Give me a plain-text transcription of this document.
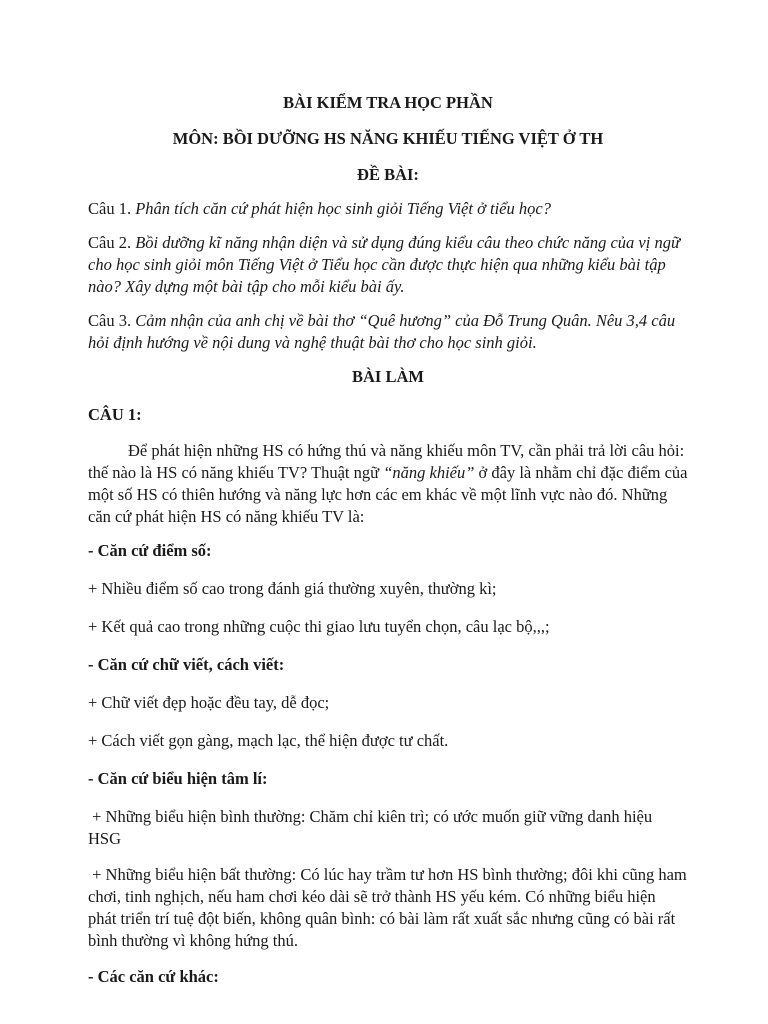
BÀI KIỂM TRA HỌC PHẦN

MÔN: BỒI DƯỠNG HS NĂNG KHIẾU TIẾNG VIỆT Ở TH

ĐỀ BÀI:

Câu 1. Phân tích căn cứ phát hiện học sinh giỏi Tiếng Việt ở tiểu học?

Câu 2. Bồi dưỡng kĩ năng nhận diện và sử dụng đúng kiểu câu theo chức năng của vị ngữ cho học sinh giỏi môn Tiếng Việt ở Tiểu học cần được thực hiện qua những kiểu bài tập nào? Xây dựng một bài tập cho mỗi kiểu bài ấy.

Câu 3. Cảm nhận của anh chị về bài thơ “Quê hương” của Đỗ Trung Quân. Nêu 3,4 câu hỏi định hướng về nội dung và nghệ thuật bài thơ cho học sinh giỏi.

BÀI LÀM

CÂU 1:

Để phát hiện những HS có hứng thú và năng khiếu môn TV, cần phải trả lời câu hỏi: thế nào là HS có năng khiếu TV? Thuật ngữ “năng khiếu” ở đây là nhằm chỉ đặc điểm của một số HS có thiên hướng và năng lực hơn các em khác về một lĩnh vực nào đó. Những căn cứ phát hiện HS có năng khiếu TV là:

- Căn cứ điểm số:

+ Nhiều điểm số cao trong đánh giá thường xuyên, thường kì;

+ Kết quả cao trong những cuộc thi giao lưu tuyển chọn, câu lạc bộ,,,;

- Căn cứ chữ viết, cách viết:

+ Chữ viết đẹp hoặc đều tay, dễ đọc;

+ Cách viết gọn gàng, mạch lạc, thể hiện được tư chất.

- Căn cứ biểu hiện tâm lí:

+ Những biểu hiện bình thường: Chăm chỉ kiên trì; có ước muốn giữ vững danh hiệu HSG

+ Những biểu hiện bất thường: Có lúc hay trầm tư hơn HS bình thường; đôi khi cũng ham chơi, tinh nghịch, nếu ham chơi kéo dài sẽ trở thành HS yếu kém. Có những biểu hiện phát triển trí tuệ đột biến, không quân bình: có bài làm rất xuất sắc nhưng cũng có bài rất bình thường vì không hứng thú.

- Các căn cứ khác:
